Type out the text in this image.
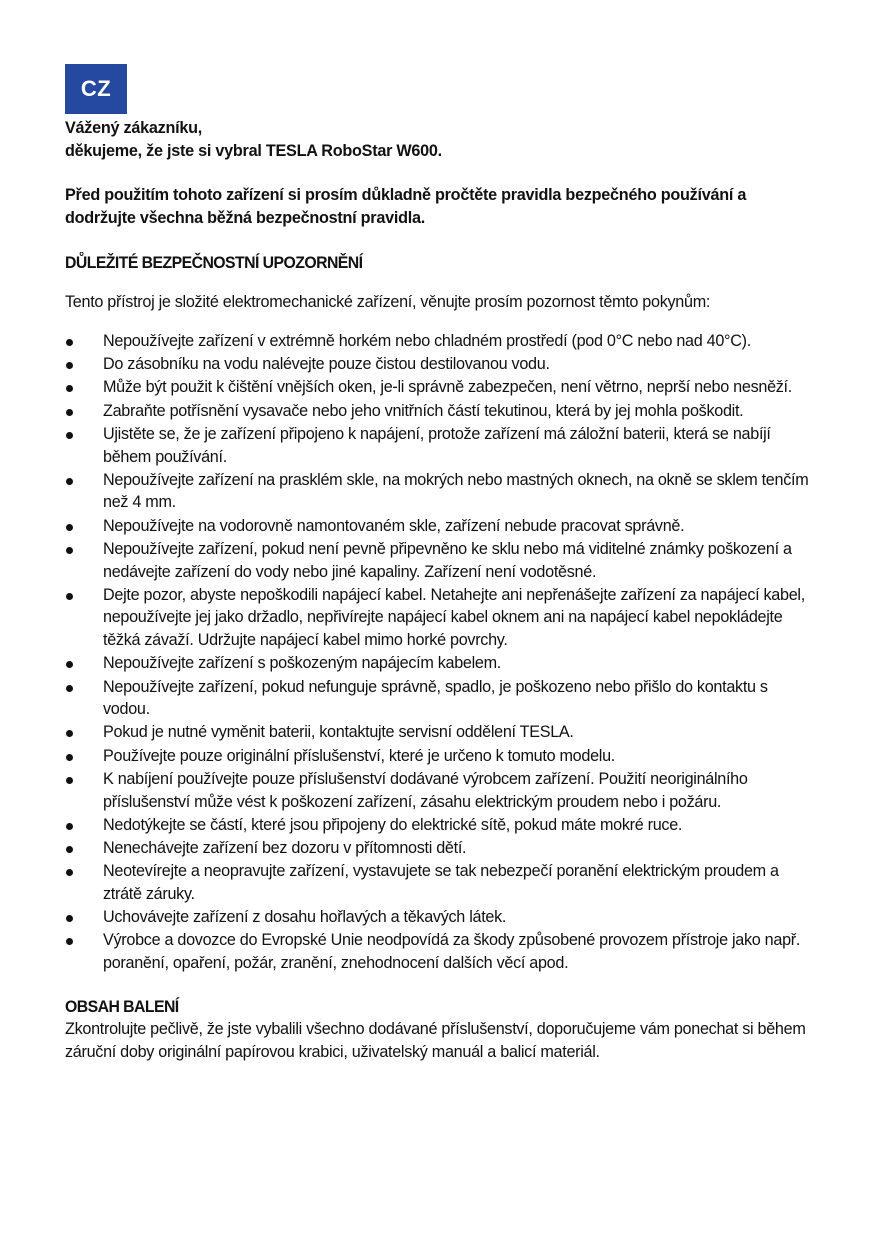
CZ

Vážený zákazníku,

děkujeme, že jste si vybral TESLA RoboStar W600.

Před použitím tohoto zařízení si prosím důkladně pročtěte pravidla bezpečného používání a dodržujte všechna běžná bezpečnostní pravidla.

DŮLEŽITÉ BEZPEČNOSTNÍ UPOZORNĚNÍ
Tento přístroj je složité elektromechanické zařízení, věnujte prosím pozornost těmto pokynům:
Nepoužívejte zařízení v extrémně horkém nebo chladném prostředí (pod 0°C nebo nad 40°C).
Do zásobníku na vodu nalévejte pouze čistou destilovanou vodu.
Může být použit k čištění vnějších oken, je-li správně zabezpečen, není větrno, neprší nebo nesněží.
Zabraňte potřísnění vysavače nebo jeho vnitřních částí tekutinou, která by jej mohla poškodit.
Ujistěte se, že je zařízení připojeno k napájení, protože zařízení má záložní baterii, která se nabíjí během používání.
Nepoužívejte zařízení na prasklém skle, na mokrých nebo mastných oknech, na okně se sklem tenčím než 4 mm.
Nepoužívejte na vodorovně namontovaném skle, zařízení nebude pracovat správně.
Nepoužívejte zařízení, pokud není pevně připevněno ke sklu nebo má viditelné známky poškození a nedávejte zařízení do vody nebo jiné kapaliny. Zařízení není vodotěsné.
Dejte pozor, abyste nepoškodili napájecí kabel. Netahejte ani nepřenášejte zařízení za napájecí kabel, nepoužívejte jej jako držadlo, nepřivírejte napájecí kabel oknem ani na napájecí kabel nepokládejte těžká závaží. Udržujte napájecí kabel mimo horké povrchy.
Nepoužívejte zařízení s poškozeným napájecím kabelem.
Nepoužívejte zařízení, pokud nefunguje správně, spadlo, je poškozeno nebo přišlo do kontaktu s vodou.
Pokud je nutné vyměnit baterii, kontaktujte servisní oddělení TESLA.
Používejte pouze originální příslušenství, které je určeno k tomuto modelu.
K nabíjení používejte pouze příslušenství dodávané výrobcem zařízení. Použití neoriginálního příslušenství může vést k poškození zařízení, zásahu elektrickým proudem nebo i požáru.
Nedotýkejte se částí, které jsou připojeny do elektrické sítě, pokud máte mokré ruce.
Nenechávejte zařízení bez dozoru v přítomnosti dětí.
Neotevírejte a neopravujte zařízení, vystavujete se tak nebezpečí poranění elektrickým proudem a ztrátě záruky.
Uchovávejte zařízení z dosahu hořlavých a těkavých látek.
Výrobce a dovozce do Evropské Unie neodpovídá za škody způsobené provozem přístroje jako např. poranění, opaření, požár, zranění, znehodnocení dalších věcí apod.
OBSAH BALENÍ

Zkontrolujte pečlivě, že jste vybalili všechno dodávané příslušenství, doporučujeme vám ponechat si během záruční doby originální papírovou krabici, uživatelský manuál a balicí materiál.
